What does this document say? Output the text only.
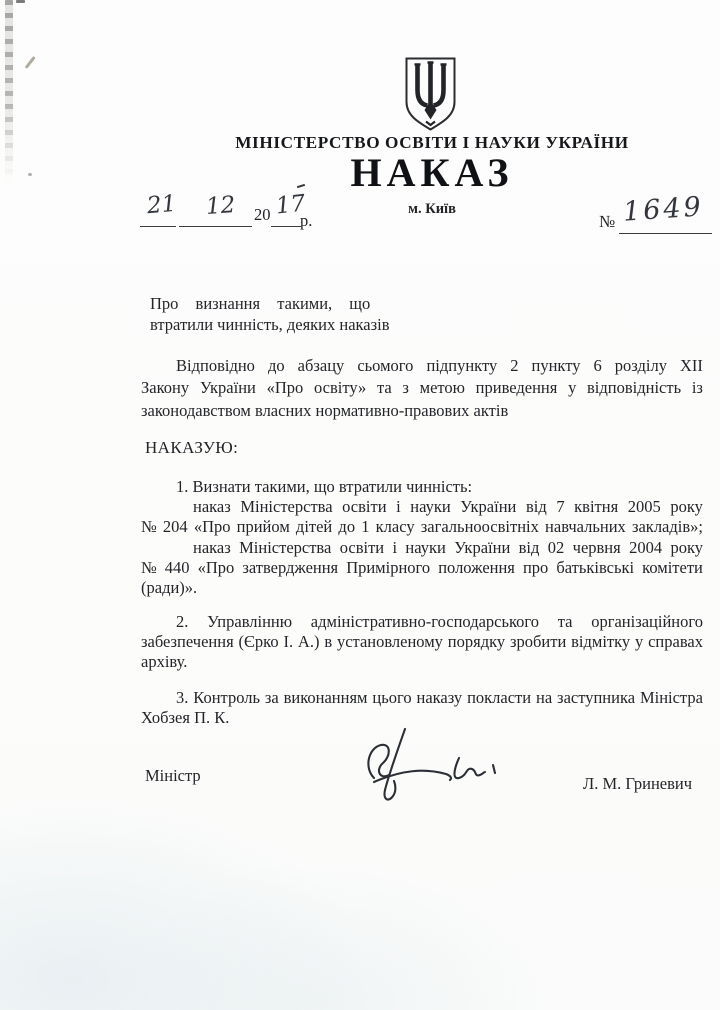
МІНІСТЕРСТВО ОСВІТИ І НАУКИ УКРАЇНИ
НАКАЗ
м. Київ
21 12 20 17
р.	№ 1649
Про визнання такими, що
втратили чинність, деяких наказів
Відповідно до абзацу сьомого підпункту 2 пункту 6 розділу XII
Закону України «Про освіту» та з метою приведення у відповідність із
законодавством власних нормативно-правових актів
НАКАЗУЮ:
1. Визнати такими, що втратили чинність:
наказ Міністерства освіти і науки України від 7 квітня 2005 року
№ 204 «Про прийом дітей до 1 класу загальноосвітніх навчальних закладів»;
наказ Міністерства освіти і науки України від 02 червня 2004 року
№ 440 «Про затвердження Примірного положення про батьківські комітети
(ради)».
2. Управлінню адміністративно-господарського та організаційного
забезпечення (Єрко І. А.) в установленому порядку зробити відмітку у справах
архіву.
3. Контроль за виконанням цього наказу покласти на заступника Міністра
Хобзея П. К.
Міністр	Л. М. Гриневич
